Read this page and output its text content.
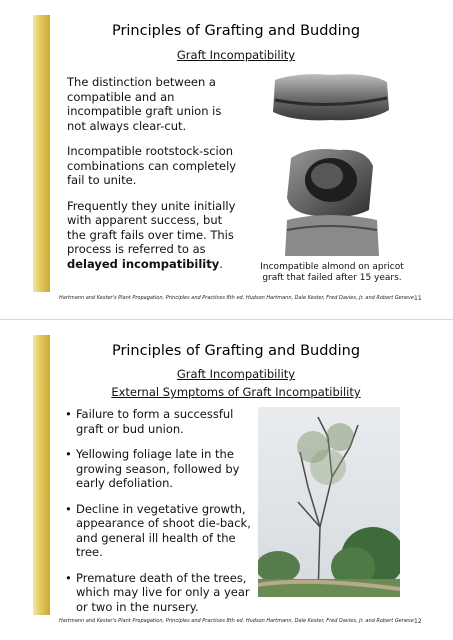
Principles of Grafting and Budding
Graft Incompatibility

The distinction between a compatible and an incompatible graft union is not always clear-cut.

Incompatible rootstock-scion combinations can completely fail to unite.

Frequently they unite initially with apparent success, but the graft fails over time. This process is referred to as delayed incompatibility.	Incompatible almond on apricot graft that failed after 15 years.
Hartmann and Kester's Plant Propagation, Principles and Practices 8th ed. Hudson Hartmann, Dale Kester, Fred Davies, Jr. and Robert Geneve 11
Principles of Grafting and Budding
Graft Incompatibility
External Symptoms of Graft Incompatibility

• Failure to form a successful graft or bud union.

• Yellowing foliage late in the growing season, followed by early defoliation.

• Decline in vegetative growth, appearance of shoot die-back, and general ill health of the tree.

• Premature death of the trees, which may live for only a year or two in the nursery.

Hartmann and Kester's Plant Propagation, Principles and Practices 8th ed. Hudson Hartmann, Dale Kester, Fred Davies, Jr. and Robert Geneve 12
